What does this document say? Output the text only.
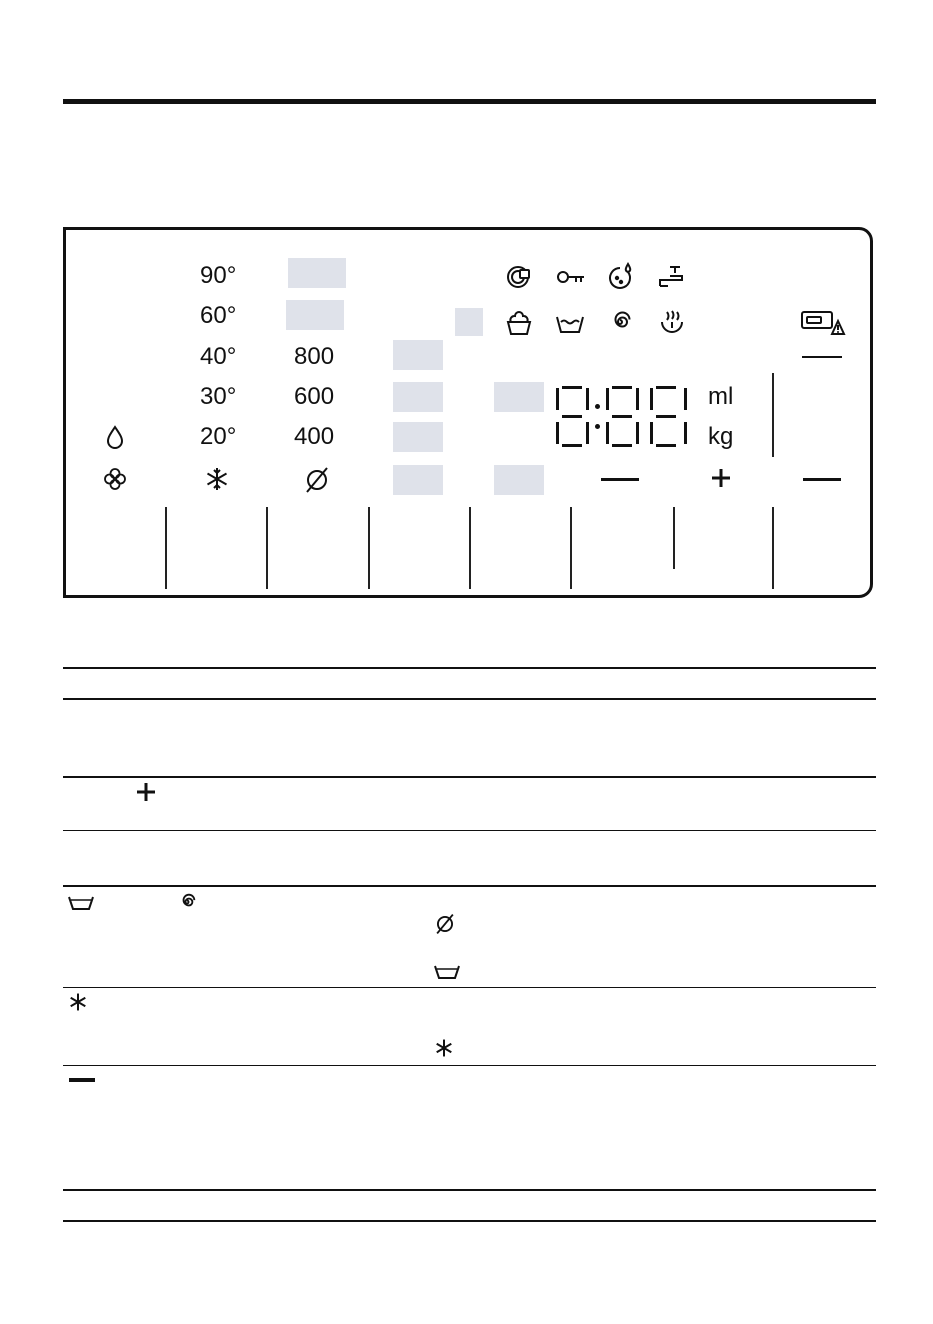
90°
60°
40°
30°
20°
800
600
400
ml
kg
